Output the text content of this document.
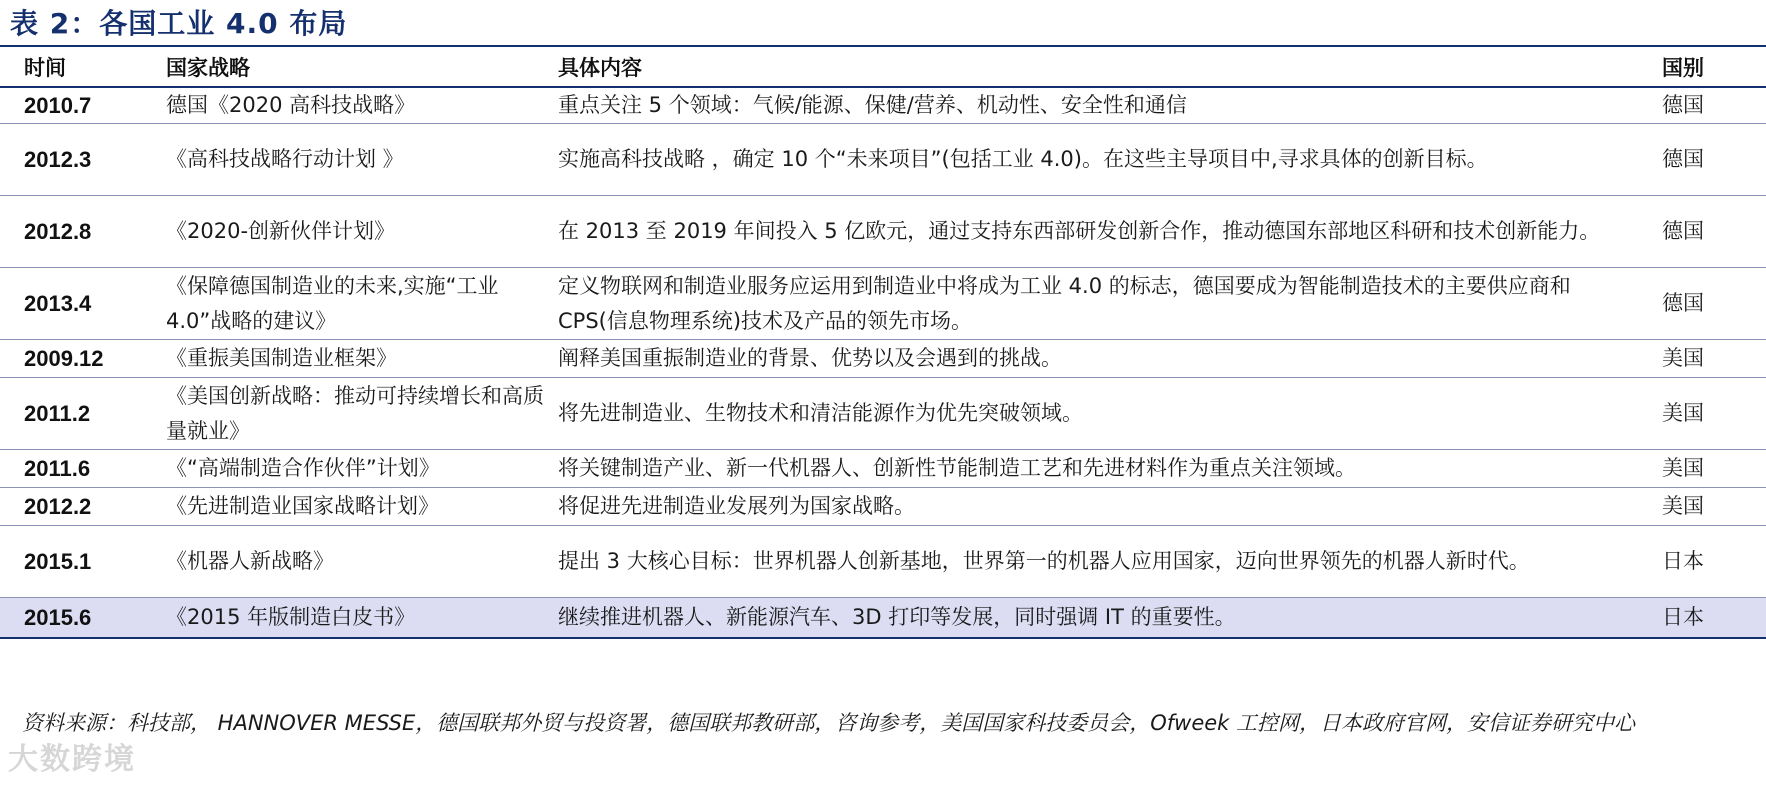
表 2：各国工业 4.0 布局
时间	国家战略	具体内容	国别
2010.7	德国《2020 高科技战略》	重点关注 5 个领域：气候/能源、保健/营养、机动性、安全性和通信	德国
2012.3	《高科技战略行动计划 》	实施高科技战略 ，确定 10 个“未来项目”(包括工业 4.0)。在这些主导项目中,寻求具体的创新目标。	德国
2012.8	《2020-创新伙伴计划》	在 2013 至 2019 年间投入 5 亿欧元，通过支持东西部研发创新合作，推动德国东部地区科研和技术创新能力。	德国
2013.4	《保障德国制造业的未来,实施“工业 4.0”战略的建议》	定义物联网和制造业服务应运用到制造业中将成为工业 4.0 的标志，德国要成为智能制造技术的主要供应商和 CPS(信息物理系统)技术及产品的领先市场。	德国
2009.12	《重振美国制造业框架》	阐释美国重振制造业的背景、优势以及会遇到的挑战。	美国
2011.2	《美国创新战略：推动可持续增长和高质量就业》	将先进制造业、生物技术和清洁能源作为优先突破领域。	美国
2011.6	《“高端制造合作伙伴”计划》	将关键制造产业、新一代机器人、创新性节能制造工艺和先进材料作为重点关注领域。	美国
2012.2	《先进制造业国家战略计划》	将促进先进制造业发展列为国家战略。	美国
2015.1	《机器人新战略》	提出 3 大核心目标：世界机器人创新基地，世界第一的机器人应用国家，迈向世界领先的机器人新时代。	日本
2015.6	《2015 年版制造白皮书》	继续推进机器人、新能源汽车、3D 打印等发展，同时强调 IT 的重要性。	日本
资料来源：科技部， HANNOVER MESSE，德国联邦外贸与投资署，德国联邦教研部，咨询参考，美国国家科技委员会，Ofweek 工控网，日本政府官网，安信证券研究中心
大数跨境
